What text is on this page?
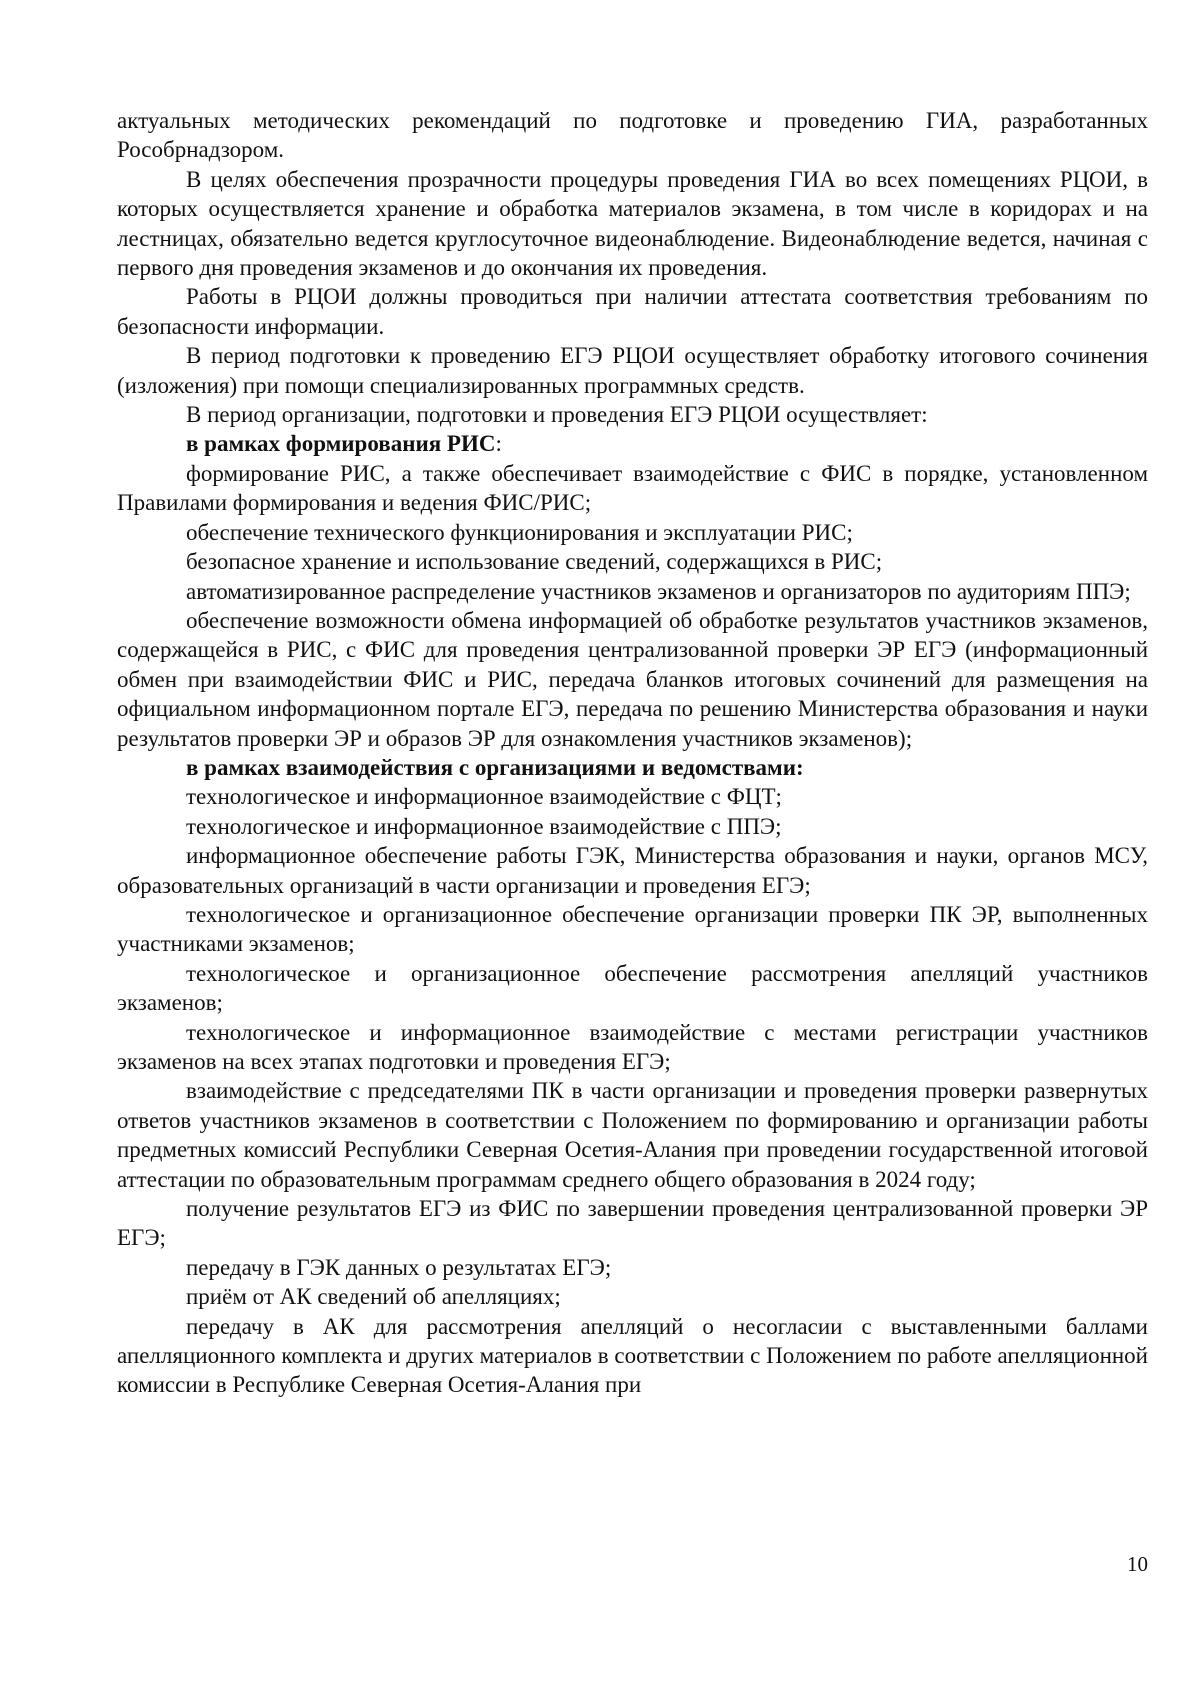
актуальных методических рекомендаций по подготовке и проведению ГИА, разработанных Рособрнадзором.

В целях обеспечения прозрачности процедуры проведения ГИА во всех помещениях РЦОИ, в которых осуществляется хранение и обработка материалов экзамена, в том числе в коридорах и на лестницах, обязательно ведется круглосуточное видеонаблюдение. Видеонаблюдение ведется, начиная с первого дня проведения экзаменов и до окончания их проведения.

Работы в РЦОИ должны проводиться при наличии аттестата соответствия требованиям по безопасности информации.

В период подготовки к проведению ЕГЭ РЦОИ осуществляет обработку итогового сочинения (изложения) при помощи специализированных программных средств.

В период организации, подготовки и проведения ЕГЭ РЦОИ осуществляет:

в рамках формирования РИС:

формирование РИС, а также обеспечивает взаимодействие с ФИС в порядке, установленном Правилами формирования и ведения ФИС/РИС;

обеспечение технического функционирования и эксплуатации РИС;

безопасное хранение и использование сведений, содержащихся в РИС;

автоматизированное распределение участников экзаменов и организаторов по аудиториям ППЭ;

обеспечение возможности обмена информацией об обработке результатов участников экзаменов, содержащейся в РИС, с ФИС для проведения централизованной проверки ЭР ЕГЭ (информационный обмен при взаимодействии ФИС и РИС, передача бланков итоговых сочинений для размещения на официальном информационном портале ЕГЭ, передача по решению Министерства образования и науки результатов проверки ЭР и образов ЭР для ознакомления участников экзаменов);

в рамках взаимодействия с организациями и ведомствами:

технологическое и информационное взаимодействие с ФЦТ;

технологическое и информационное взаимодействие с ППЭ;

информационное обеспечение работы ГЭК, Министерства образования и науки, органов МСУ, образовательных организаций в части организации и проведения ЕГЭ;

технологическое и организационное обеспечение организации проверки ПК ЭР, выполненных участниками экзаменов;

технологическое и организационное обеспечение рассмотрения апелляций участников экзаменов;

технологическое и информационное взаимодействие с местами регистрации участников экзаменов на всех этапах подготовки и проведения ЕГЭ;

взаимодействие с председателями ПК в части организации и проведения проверки развернутых ответов участников экзаменов в соответствии с Положением по формированию и организации работы предметных комиссий Республики Северная Осетия-Алания при проведении государственной итоговой аттестации по образовательным программам среднего общего образования в 2024 году;

получение результатов ЕГЭ из ФИС по завершении проведения централизованной проверки ЭР ЕГЭ;

передачу в ГЭК данных о результатах ЕГЭ;

приём от АК сведений об апелляциях;

передачу в АК для рассмотрения апелляций о несогласии с выставленными баллами апелляционного комплекта и других материалов в соответствии с Положением по работе апелляционной комиссии в Республике Северная Осетия-Алания при

10
